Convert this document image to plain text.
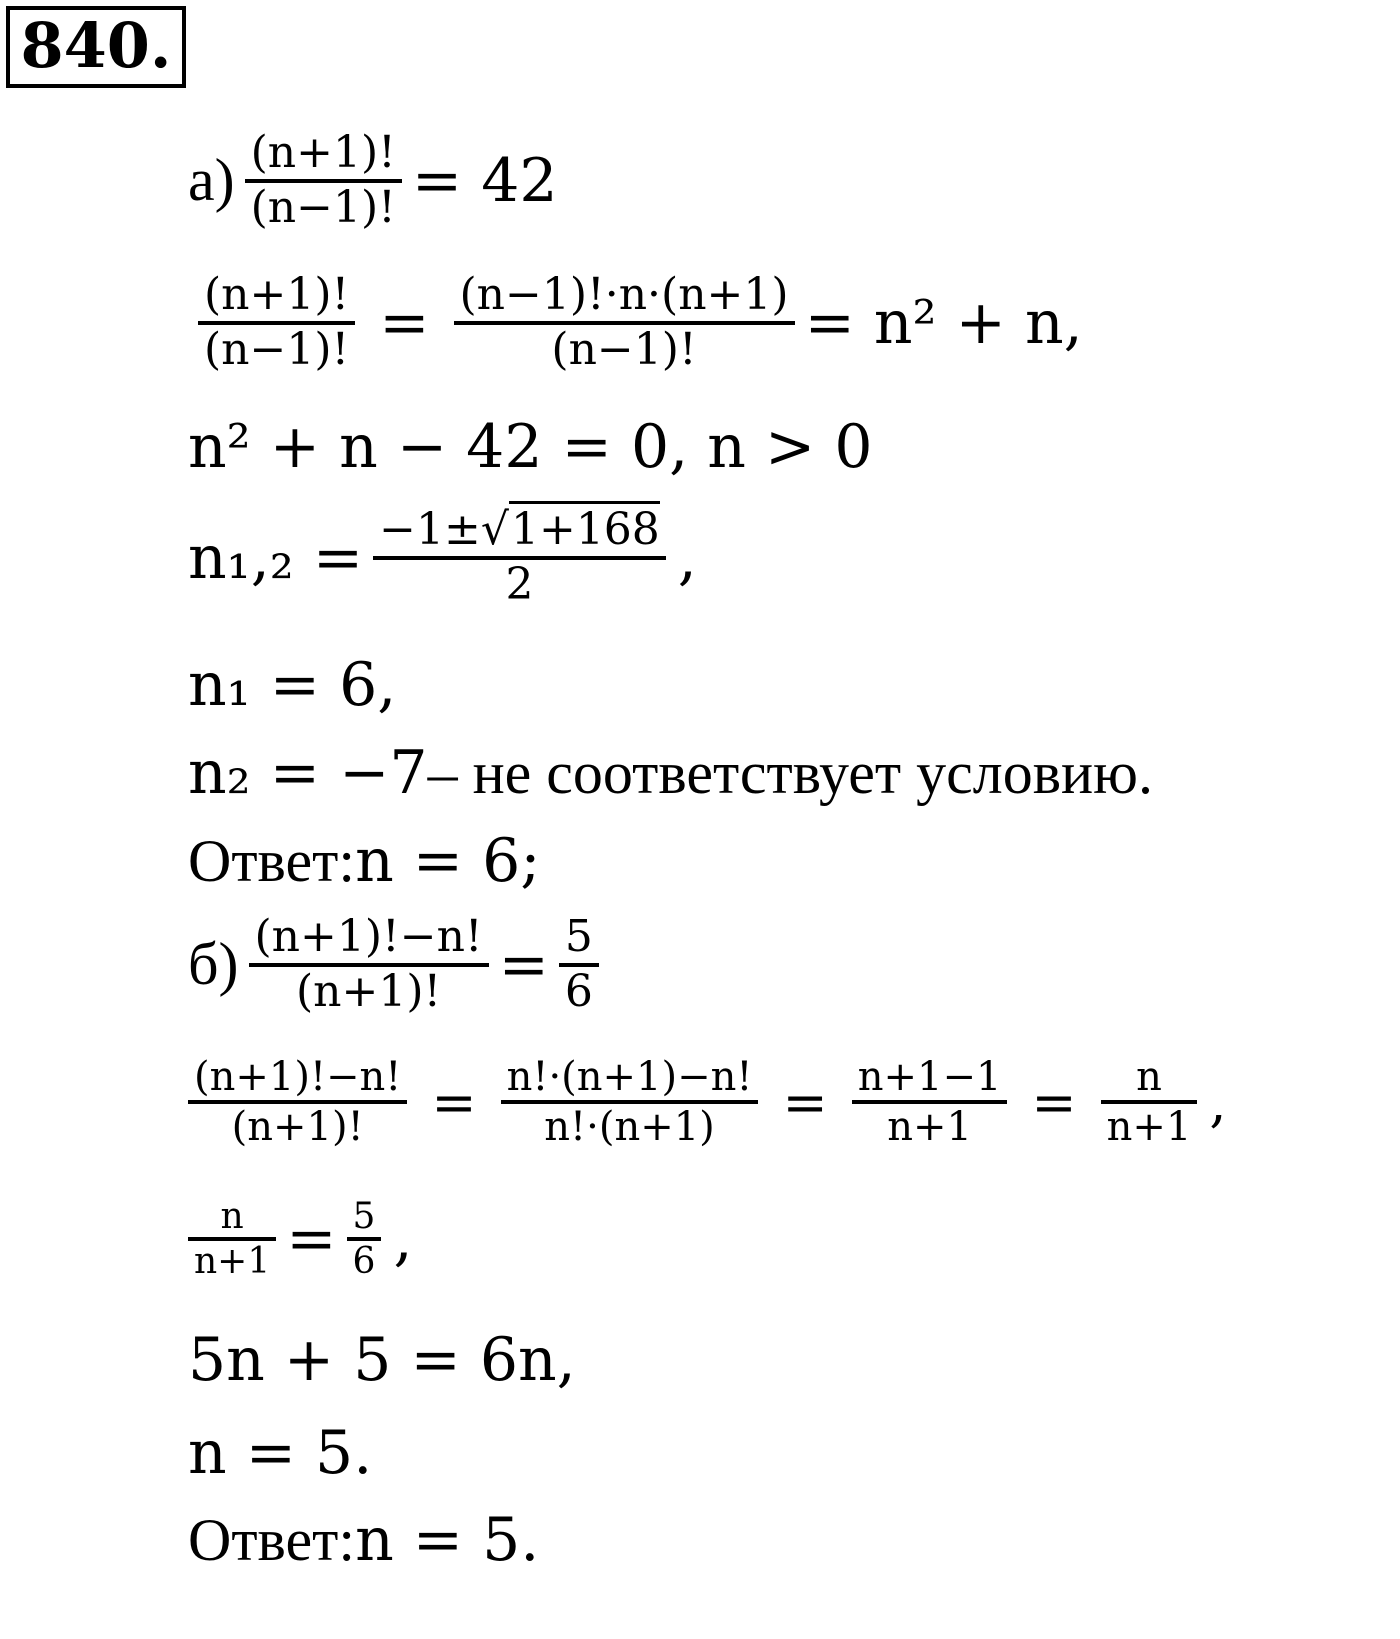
840.
$а) \frac{(n+1)!}{(n-1)!} = 42$
$\frac{(n+1)!}{(n-1)!} = \frac{(n-1)!\cdot n\cdot(n+1)}{(n-1)!} = n^2 + n$,
n² + n − 42 = 0, n > 0
$n_1,_2 = \frac{-1\pm√1+168}{2}$ ,
n₁ = 6,
n₂ = −7 – не соответствует условию.
Ответ: n = 6;
$б) \frac{(n+1)!-n!}{(n+1)!} = \frac{5}{6}$
$\frac{(n+1)!-n!}{(n+1)!} = \frac{n!\cdot(n+1)-n!}{n!\cdot(n+1)} = \frac{n+1-1}{n+1} = \frac{n}{n+1}$ ,
$\frac{n}{n+1} = \frac{5}{6}$ ,
5n + 5 = 6n,
n = 5.
Ответ: n = 5.
